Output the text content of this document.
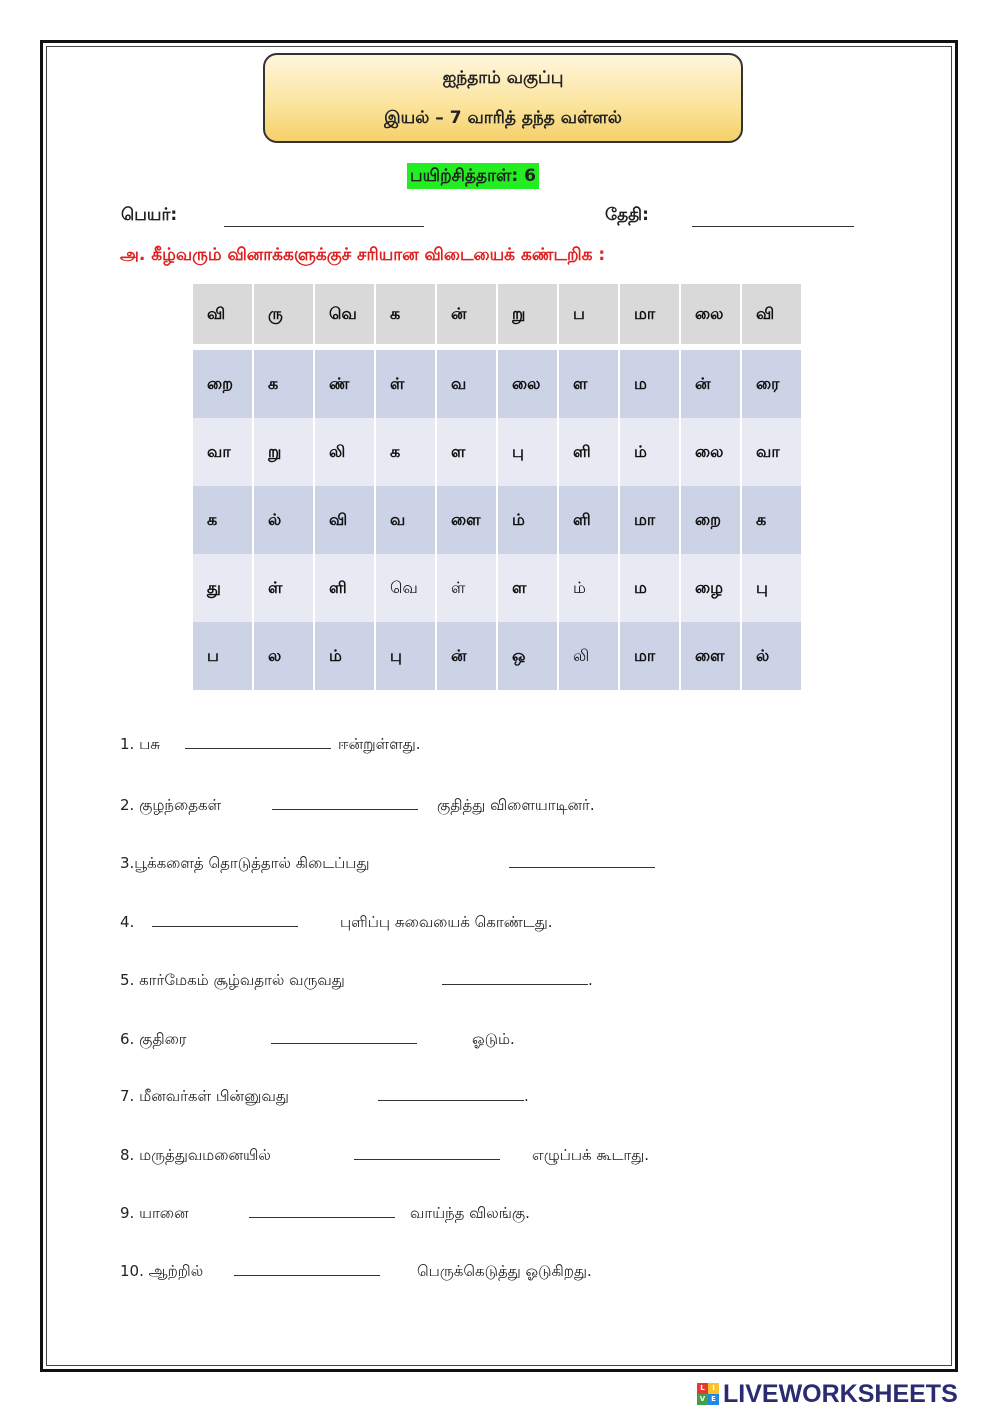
ஐந்தாம் வகுப்பு
இயல் – 7 வாரித் தந்த வள்ளல்
பயிற்சித்தாள்: 6
பெயர்:	தேதி:
அ. கீழ்வரும் வினாக்களுக்குச் சரியான விடையைக் கண்டறிக :
வி	ரு	வெ	க	ன்	று	ப	மா	லை	வி
றை	க	ண்	ள்	வ	லை	ள	ம	ன்	ரை
வா	று	லி	க	ள	பு	ளி	ம்	லை	வா
க	ல்	வி	வ	ளை	ம்	ளி	மா	றை	க
து	ள்	ளி	வெ	ள்	ள	ம்	ம	ழை	பு
ப	ல	ம்	பு	ன்	ஒ	லி	மா	ளை	ல்
1. பசு	ஈன்றுள்ளது.
2. குழந்தைகள்	குதித்து விளையாடினர்.
3.பூக்களைத் தொடுத்தால் கிடைப்பது
4.	புளிப்பு சுவையைக் கொண்டது.
5. கார்மேகம் சூழ்வதால் வருவது	.
6. குதிரை	ஓடும்.
7. மீனவர்கள் பின்னுவது	.
8. மருத்துவமனையில்	எழுப்பக் கூடாது.
9. யானை	வாய்ந்த விலங்கு.
10. ஆற்றில்	பெருக்கெடுத்து ஓடுகிறது.
L	I
V E LIVEWORKSHEETS
